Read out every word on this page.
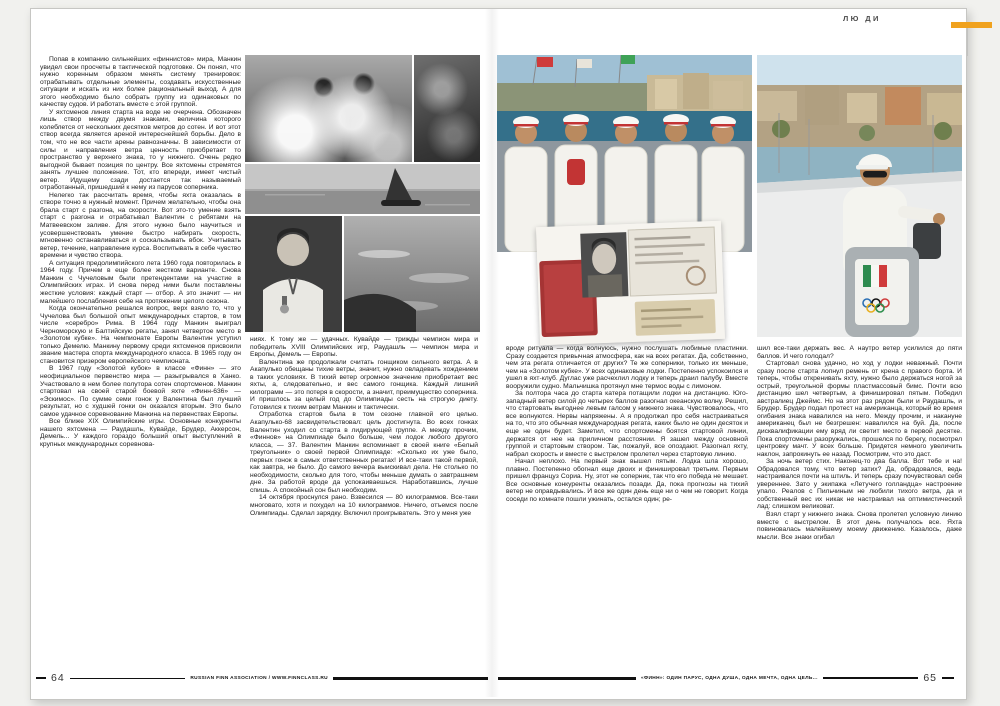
ЛЮ ДИ

Попав в компанию сильнейших «финнистов» мира, Манкин увидел свои просчеты в тактической подготовке. Он понял, что нужно коренным образом менять систему тренировок: отрабатывать отдельные элементы, создавать искусственные ситуации и искать из них более рациональный выход. А для этого необходимо было собрать группу из одинаковых по качеству судов. И работать вместе с этой группой.

У яхтсменов линия старта на воде не очерчена. Обозначен лишь створ между двумя знаками, величина которого колеблется от нескольких десятков метров до сотен. И вот этот створ всегда является ареной интереснейшей борьбы. Дело в том, что не все части арены равнозначны. В зависимости от силы и направления ветра ценность приобретает то пространство у верхнего знака, то у нижнего. Очень редко выгодной бывает позиция по центру. Все яхтсмены стремятся занять лучшее положение. Тот, кто впереди, имеет чистый ветер. Идущему сзади достается так называемый отработанный, пришедший к нему из парусов соперника.

Нелегко так рассчитать время, чтобы яхта оказалась в створе точно в нужный момент. Причем желательно, чтобы она брала старт с разгона, на скорости. Вот это-то умение взять старт с разгона и отрабатывал Валентин с ребятами на Матвеевском заливе. Для этого нужно было научиться и усовершенствовать умение быстро набирать скорость, мгновенно останавливаться и соскальзывать вбок. Учитывать ветер, течение, направление курса. Воспитывать в себе чувство времени и чувство створа.

А ситуация предолимпийского лета 1960 года повторилась в 1964 году. Причем в еще более жестком варианте. Снова Манкин с Чучеловым были претендентами на участие в Олимпийских играх. И снова перед ними были поставлены жесткие условия: каждый старт — отбор. А это значит — ни малейшего послабления себе на протяжении целого сезона.

Когда окончательно решался вопрос, верх взяло то, что у Чучелова был большой опыт международных стартов, в том числе «серебро» Рима. В 1964 году Манкин выиграл Черноморскую и Балтийскую регаты, занял четвертое место в «Золотом кубке». На чемпионате Европы Валентин уступил только Демелю. Манкину первому среди яхтсменов присвоили звание мастера спорта международного класса. В 1965 году он становится призером европейского чемпионата.

В 1967 году «Золотой кубок» в классе «Финн» — это неофициальное первенство мира — разыгрывался в Ханко. Участвовало в нем более полутора сотен спортсменов. Манкин стартовал на своей старой боевой яхте «Финн-636» — «Эскимос». По сумме семи гонок у Валентина был лучший результат, но с худшей гонки он оказался вторым. Это было самое удачное соревнование Манкина на первенствах Европы.

Все ближе XIX Олимпийские игры. Основные конкуренты нашего яхтсмена — Раудашль, Кувайде, Брудер, Аккерсон, Демель... У каждого гораздо больший опыт выступлений в крупных международных соревнова-

ниях. К тому же — удачных. Кувайде — трижды чемпион мира и победитель XVIII Олимпийских игр, Раудашль — чемпион мира и Европы, Демель — Европы.

Валентина же продолжали считать гонщиком сильного ветра. А в Акапулько обещаны тихие ветры, значит, нужно овладевать хождением в таких условиях. В тихий ветер огромное значение приобретает вес яхты, а, следовательно, и вес самого гонщика. Каждый лишний килограмм — это потеря в скорости, а значит, преимущество соперника. И пришлось за целый год до Олимпиады сесть на строгую диету. Готовился к тихим ветрам Манкин и тактически.

Отработка стартов была в том сезоне главной его целью. Акапулько-68 засвидетельствовал: цель достигнута. Во всех гонках Валентин уходил со старта в лидирующей группе. А между прочим, «Финнов» на Олимпиаде было больше, чем лодок любого другого класса, — 37. Валентин Манкин вспоминает в своей книге «Белый треугольник» о своей первой Олимпиаде: «Сколько их уже было, первых гонок в самых ответственных регатах! И все-таки такой первой, как завтра, не было. До самого вечера выискивал дела. Не столько по необходимости, сколько для того, чтобы меньше думать о завтрашнем дне. За работой вроде да успокаиваешься. Наработавшись, лучше спишь. А спокойный сон был необходим.

14 октября проснулся рано. Взвесился — 80 килограммов. Все-таки многовато, хотя и похудел на 10 килограммов. Ничего, отъемся после Олимпиады. Сделал зарядку. Включил проигрыватель. Это у меня уже

вроде ритуала — когда волнуюсь, нужно послушать любимые пластинки. Сразу создается привычная атмосфера, как на всех регатах. Да, собственно, чем эта регата отличается от других? Те же соперники, только их меньше, чем на «Золотом кубке». У всех одинаковые лодки. Постепенно успокоился и ушел в яхт-клуб. Дуглас уже расчехлил лодку и теперь драил палубу. Вместе вооружили судно. Мальчишка протянул мне термос воды с лимоном.

За полтора часа до старта катера потащили лодки на дистанцию. Юго-западный ветер силой до четырех баллов разогнал океанскую волну. Решил, что стартовать выгоднее левым галсом у нижнего знака. Чувствовалось, что все волнуются. Нервы напряжены. А я продолжал про себя настраиваться на то, что это обычная международная регата, каких было не один десяток и еще не один будет. Заметил, что спортсмены боятся стартовой линии, держатся от нее на приличном расстоянии. Я зашел между основной группой и стартовым створом. Так, пожалуй, все опоздают. Разогнал яхту, набрал скорость и вместе с выстрелом пролетел через стартовую линию.

Начал неплохо. На первый знак вышел пятым. Лодка шла хорошо, плавно. Постепенно обогнал еще двоих и финишировал третьим. Первым пришел француз Сориа. Ну, этот не соперник, так что его победа не мешает. Все основные конкуренты оказались позади. Да, пока прогнозы на тихий ветер не оправдывались. И все же один день еще ни о чем не говорит. Когда соседи по комнате пошли ужинать, остался один; ре-

шил все-таки держать вес. А наутро ветер усилился до пяти баллов. И чего голодал?

Стартовал снова удачно, но ход у лодки неважный. Почти сразу после старта лопнул ремень от крена с правого борта. И теперь, чтобы откренивать яхту, нужно было держаться ногой за острый, треугольной формы пластмассовый бимс. Почти всю дистанцию шел четвертым, а финишировал пятым. Победил австралиец Джеймс. Но на этот раз рядом были и Раудашль, и Брудер. Брудер подал протест на американца, который во время огибания знака навалился на него. Между прочим, и накануне американец был не безгрешен: навалился на буй. Да, после дисквалификации ему вряд ли светит место в первой десятке. Пока спортсмены разоружались, прошелся по берегу, посмотрел центровку мачт. У всех больше. Придется немного увеличить наклон, запрокинуть ее назад. Посмотрим, что это даст.

За ночь ветер стих. Наконец-то два балла. Вот тебе и на! Обрадовался тому, что ветер затих? Да, обрадовался, ведь настраивался почти на штиль. И теперь сразу почувствовал себя увереннее. Зато у экипажа «Летучего голландца» настроение упало. Реалов с Пильчиным не любили тихого ветра, да и собственный вес их никак не настраивал на оптимистический лад: слишком великоват.

Взял старт у нижнего знака. Снова пролетел условную линию вместе с выстрелом. В этот день получалось все. Яхта повиновалась малейшему моему движению. Казалось, даже мысли. Все знаки огибал

64	RUSSIAN FINN ASSOCIATION / WWW.FINNCLASS.RU	«ФИНН»: ОДИН ПАРУС, ОДНА ДУША, ОДНА МЕЧТА, ОДНА ЦЕЛЬ...	65
